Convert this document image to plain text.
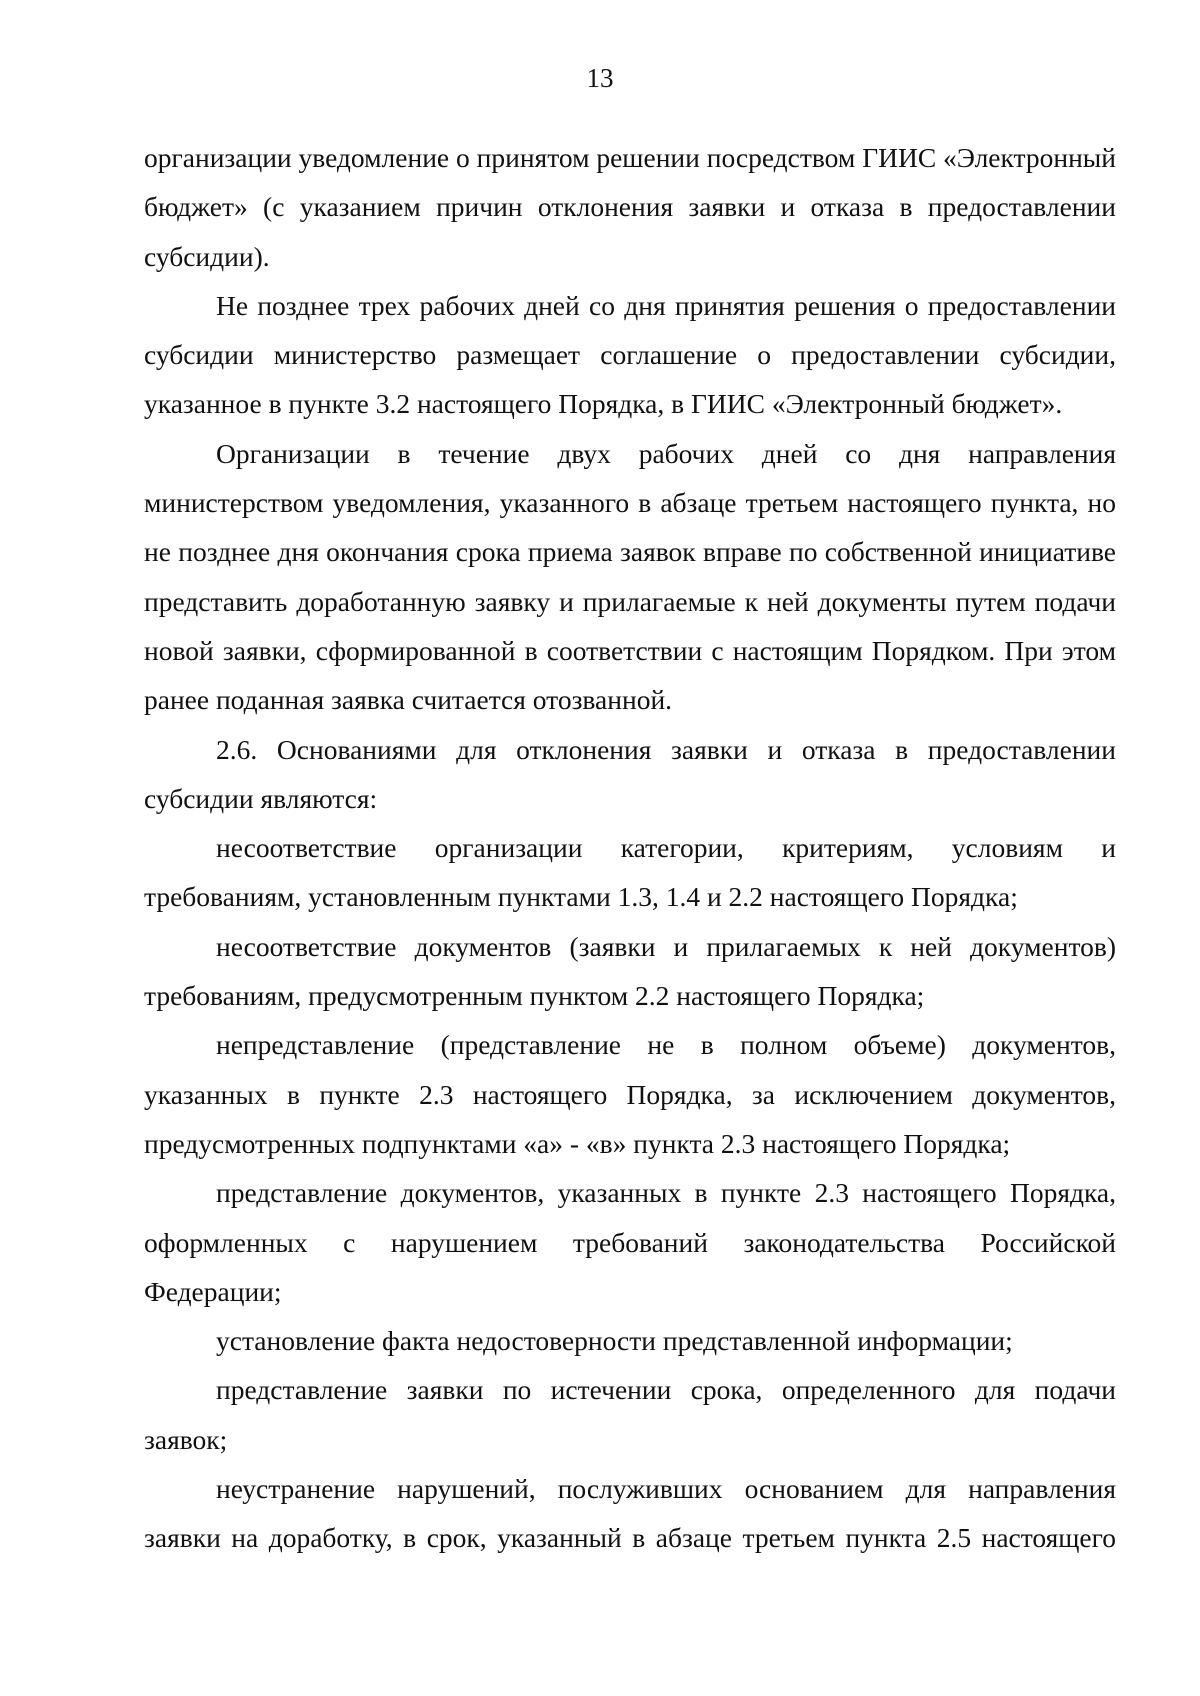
13

организации уведомление о принятом решении посредством ГИИС «Электронный бюджет» (с указанием причин отклонения заявки и отказа в предоставлении субсидии).

Не позднее трех рабочих дней со дня принятия решения о предоставлении субсидии министерство размещает соглашение о предоставлении субсидии, указанное в пункте 3.2 настоящего Порядка, в ГИИС «Электронный бюджет».

Организации в течение двух рабочих дней со дня направления министерством уведомления, указанного в абзаце третьем настоящего пункта, но не позднее дня окончания срока приема заявок вправе по собственной инициативе представить доработанную заявку и прилагаемые к ней документы путем подачи новой заявки, сформированной в соответствии с настоящим Порядком. При этом ранее поданная заявка считается отозванной.

2.6. Основаниями для отклонения заявки и отказа в предоставлении субсидии являются:

несоответствие организации категории, критериям, условиям и требованиям, установленным пунктами 1.3, 1.4 и 2.2 настоящего Порядка;

несоответствие документов (заявки и прилагаемых к ней документов) требованиям, предусмотренным пунктом 2.2 настоящего Порядка;

непредставление (представление не в полном объеме) документов, указанных в пункте 2.3 настоящего Порядка, за исключением документов, предусмотренных подпунктами «а» - «в» пункта 2.3 настоящего Порядка;

представление документов, указанных в пункте 2.3 настоящего Порядка, оформленных с нарушением требований законодательства Российской Федерации;

установление факта недостоверности представленной информации;

представление заявки по истечении срока, определенного для подачи заявок;

неустранение нарушений, послуживших основанием для направления заявки на доработку, в срок, указанный в абзаце третьем пункта 2.5 настоящего
